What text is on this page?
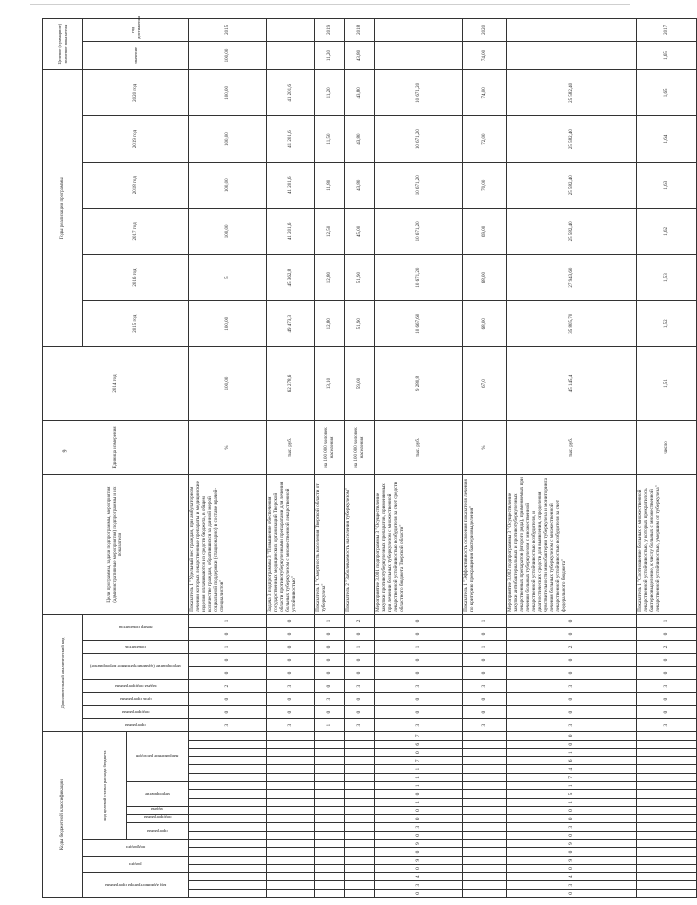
9
Коды бюджетной классификации																				Дополнительный аналитический код									Цели программы, задачи подпрограммы, мероприятия (административные мероприятия) подпрограммы и их показатели	Единица измерения	2014 год	Годы реализации программы						Целевое (суммарное) значение показателя	

код администратора программы			раздел		подраздел		код целевой статьи расхода бюджета													программа	подпрограмма	цель программы	задача подпрограммы	мероприятие (административное мероприятие)		показатель	номер показателя					2015 год	2016 год	2017 год	2018 год	2019 год	2020 год	значение	год достижения

							программа		подпрограмма	задача	мероприятие			направление расходов																									

																				3	0	0	2	0	0	1	0	1	Показатель 1 "Удельный вес граждан, при амбулаторном лечении которых лекарственные препараты и медицинские изделия оплачиваются из средств бюджета, в общем количестве граждан, обратившихся за данной мерой социальной поддержки (стационарно) в составе врачей-специалистов"	%	100,00	100,00	5	100,00	100,00	100,00	100,00	100,00	2015
																				3	0	0	3	0	0	0	0	0	Задача 3 подпрограммы 3 "Повышение обеспечения государственных медицинских организаций Тверской области противотуберкулезными препаратами для лечения больных туберкулезом с множественной лекарственной устойчивостью"	тыс. руб.	62 278,6	49 473,3	45 362,8	41 201,6	41 201,6	41 201,6	41 201,6		
																				1	0	3	0	0	0	0	0	1	Показатель 1 "Смертность населения Тверской области от туберкулеза"	на 100 000 человек населения	13,10	12,80	12,80	12,50	11,80	11,50	11,20	11,20	2019
																				3	0	0	3	0	0	1	0	2	Показатель 2 "Заболеваемость населения туберкулезом"	на 100 000 человек населения	59,00	51,90	51,90	45,00	43,80	43,80	43,80	43,80	2018
0	3	4	0	9	0	9	0	3	0	0	1	0	1	1	1	7	0	6	7	3	0	0	3	0	0	1	0	0	Мероприятие 3.001 подпрограммы 3 "Осуществление закупки противотуберкулезных препаратов, применяемых при лечении больных туберкулезом с множественной лекарственной устойчивостью возбудителя за счет средств областного бюджета Тверской области"	тыс. руб.	9 280,8	10 667,60	10 671,20	10 671,20	10 671,20	10 671,20	10 671,20		
																				3	0	0	3	0	0	1	0	1	Показатель 1 "Эффективность освоения показателя лечения по критерию прекращения бактериовыделения"	%	67,0	68,00	68,00	69,00	70,00	72,00	74,00	74,00	2020
0	3	4	0	9	0	9	0	3	0	0	1	5	1	7	4	6	1	0	0	3	0	0	3	0	0	2	0	0	Мероприятие 3.002 подпрограммы 3 "Осуществление закупки антибактериальных и противотуберкулезных лекарственных препаратов (второго ряда), применяемых при лечении больных туберкулезом с множественной лекарственной устойчивостью возбудителя, и диагностических средств для выявления, определения чувствительности микобактерии туберкулеза и мониторинга лечения больных туберкулезом с множественной лекарственной устойчивостью возбудителя за счет федерального бюджета"	тыс. руб.	45 145,4	35 805,70	27 943,60	25 582,40	25 582,40	25 582,40	25 582,40		
																				3	0	0	3	0	0	2	0	1	Показатель 1 "Соотношение больных с множественной лекарственной устойчивостью, у которых прекратилось бактериовыделение, к числу больных с множественной лекарственной устойчивостью, умершим от туберкулеза"	число	1,51	1,52	1,53	1,62	1,63	1,64	1,65	1,65	2017
